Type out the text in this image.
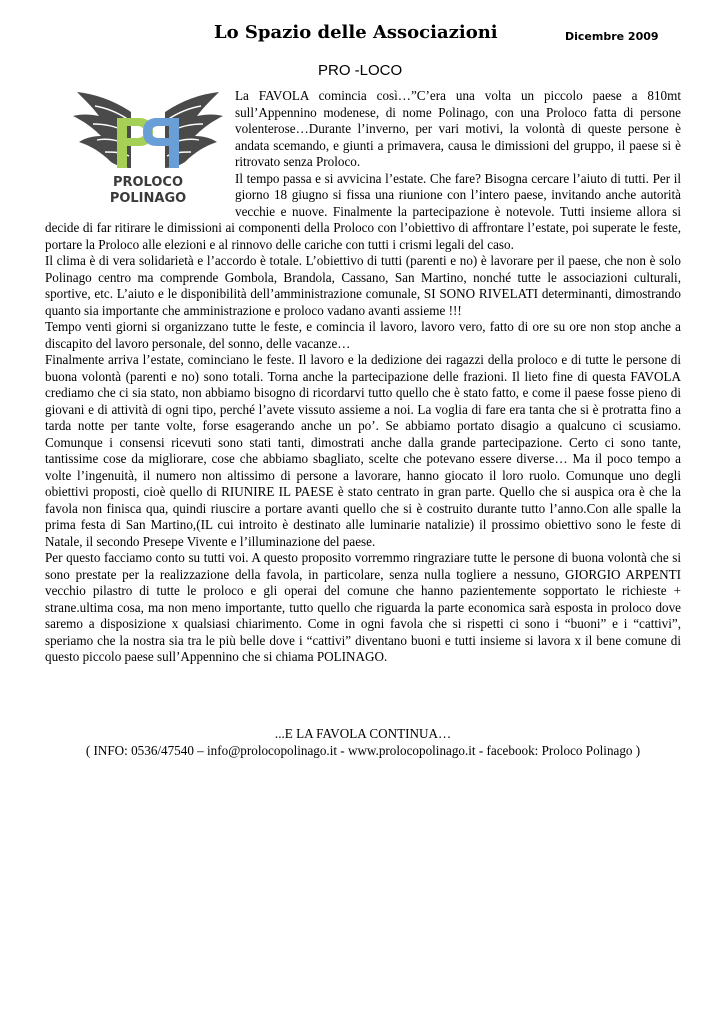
Lo Spazio delle Associazioni	Dicembre 2009
PRO -LOCO
PROLOCO
POLINAGO

La FAVOLA comincia così…”C’era una volta un piccolo paese a 810mt sull’Appennino modenese, di nome Polinago, con una Proloco fatta di persone volenterose…Durante l’inverno, per vari motivi, la volontà di queste persone è andata scemando, e giunti a primavera, causa le dimissioni del gruppo, il paese si è ritrovato senza Proloco.

Il tempo passa e si avvicina l’estate. Che fare? Bisogna cercare l’aiuto di tutti. Per il giorno 18 giugno si fissa una riunione con l’intero paese, invitando anche autorità vecchie e nuove. Finalmente la partecipazione è notevole. Tutti insieme allora si decide di far ritirare le dimissioni ai componenti della Proloco con l’obiettivo di affrontare l’estate, poi superate le feste, portare la Proloco alle elezioni e al rinnovo delle cariche con tutti i crismi legali del caso.

Il clima è di vera solidarietà e l’accordo è totale. L’obiettivo di tutti (parenti e no) è lavorare per il paese, che non è solo Polinago centro ma comprende Gombola, Brandola, Cassano, San Martino, nonché tutte le associazioni culturali, sportive, etc. L’aiuto e le disponibilità dell’amministrazione comunale, SI SONO RIVELATI determinanti, dimostrando quanto sia importante che amministrazione e proloco vadano avanti assieme !!!

Tempo venti giorni si organizzano tutte le feste, e comincia il lavoro, lavoro vero, fatto di ore su ore non stop anche a discapito del lavoro personale, del sonno, delle vacanze…

Finalmente arriva l’estate, cominciano le feste. Il lavoro e la dedizione dei ragazzi della proloco e di tutte le persone di buona volontà (parenti e no) sono totali. Torna anche la partecipazione delle frazioni. Il lieto fine di questa FAVOLA crediamo che ci sia stato, non abbiamo bisogno di ricordarvi tutto quello che è stato fatto, e come il paese fosse pieno di giovani e di attività di ogni tipo, perché l’avete vissuto assieme a noi. La voglia di fare era tanta che si è protratta fino a tarda notte per tante volte, forse esagerando anche un po’. Se abbiamo portato disagio a qualcuno ci scusiamo. Comunque i consensi ricevuti sono stati tanti, dimostrati anche dalla grande partecipazione. Certo ci sono tante, tantissime cose da migliorare, cose che abbiamo sbagliato, scelte che potevano essere diverse… Ma il poco tempo a volte l’ingenuità, il numero non altissimo di persone a lavorare, hanno giocato il loro ruolo. Comunque uno degli obiettivi proposti, cioè quello di RIUNIRE IL PAESE è stato centrato in gran parte. Quello che si auspica ora è che la favola non finisca qua, quindi riuscire a portare avanti quello che si è costruito durante tutto l’anno.Con alle spalle la prima festa di San Martino,(IL cui introito è destinato alle luminarie natalizie) il prossimo obiettivo sono le feste di Natale, il secondo Presepe Vivente e l’illuminazione del paese.

Per questo facciamo conto su tutti voi. A questo proposito vorremmo ringraziare tutte le persone di buona volontà che si sono prestate per la realizzazione della favola, in particolare, senza nulla togliere a nessuno, GIORGIO ARPENTI vecchio pilastro di tutte le proloco e gli operai del comune che hanno pazientemente sopportato le richieste + strane.ultima cosa, ma non meno importante, tutto quello che riguarda la parte economica sarà esposta in proloco dove saremo a disposizione x qualsiasi chiarimento. Come in ogni favola che si rispetti ci sono i “buoni” e i “cattivi”, speriamo che la nostra sia tra le più belle dove i “cattivi” diventano buoni e tutti insieme si lavora x il bene comune di questo piccolo paese sull’Appennino che si chiama POLINAGO.

...E LA FAVOLA CONTINUA…
( INFO: 0536/47540 – info@prolocopolinago.it - www.prolocopolinago.it - facebook: Proloco Polinago )
